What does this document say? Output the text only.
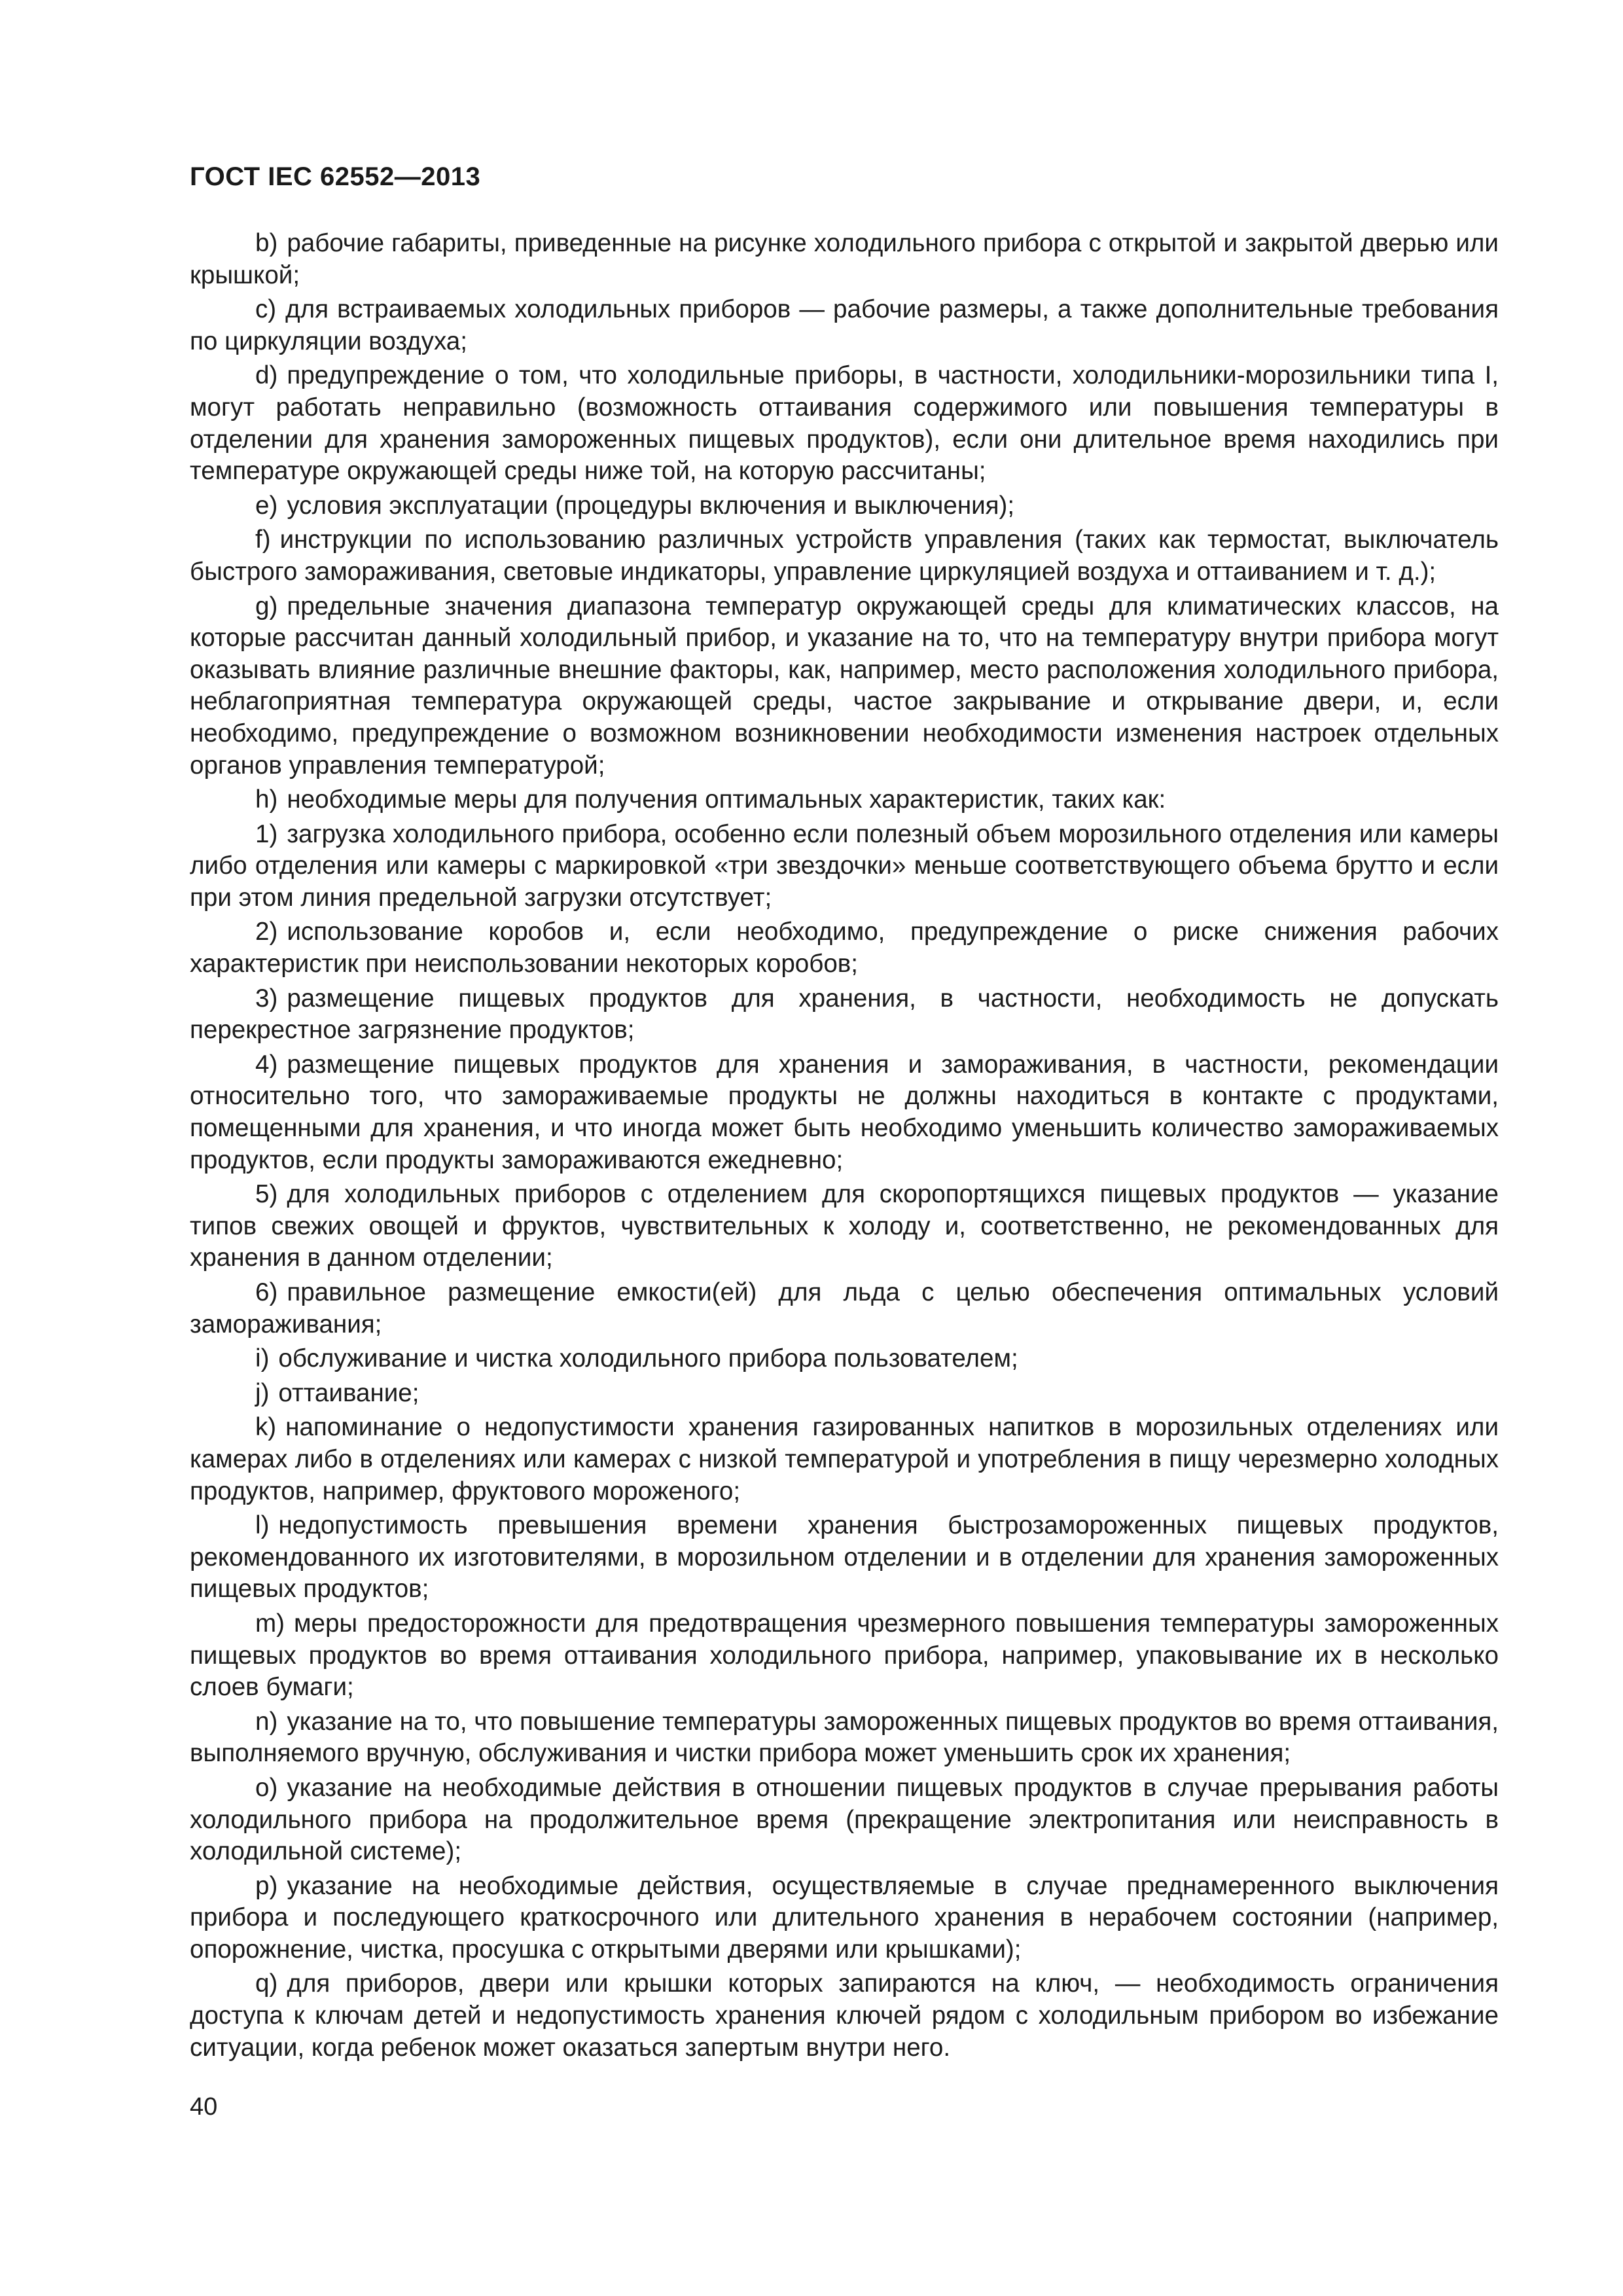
ГОСТ IEC 62552—2013

b) рабочие габариты, приведенные на рисунке холодильного прибора с открытой и закрытой дверью или крышкой;

c) для встраиваемых холодильных приборов — рабочие размеры, а также дополнительные требования по циркуляции воздуха;

d) предупреждение о том, что холодильные приборы, в частности, холодильники-морозильники типа I, могут работать неправильно (возможность оттаивания содержимого или повышения температуры в отделении для хранения замороженных пищевых продуктов), если они длительное время находились при температуре окружающей среды ниже той, на которую рассчитаны;

e) условия эксплуатации (процедуры включения и выключения);

f) инструкции по использованию различных устройств управления (таких как термостат, выключатель быстрого замораживания, световые индикаторы, управление циркуляцией воздуха и оттаиванием и т. д.);

g) предельные значения диапазона температур окружающей среды для климатических классов, на которые рассчитан данный холодильный прибор, и указание на то, что на температуру внутри прибора могут оказывать влияние различные внешние факторы, как, например, место расположения холодильного прибора, неблагоприятная температура окружающей среды, частое закрывание и открывание двери, и, если необходимо, предупреждение о возможном возникновении необходимости изменения настроек отдельных органов управления температурой;

h) необходимые меры для получения оптимальных характеристик, таких как:

1) загрузка холодильного прибора, особенно если полезный объем морозильного отделения или камеры либо отделения или камеры с маркировкой «три звездочки» меньше соответствующего объема брутто и если при этом линия предельной загрузки отсутствует;

2) использование коробов и, если необходимо, предупреждение о риске снижения рабочих характеристик при неиспользовании некоторых коробов;

3) размещение пищевых продуктов для хранения, в частности, необходимость не допускать перекрестное загрязнение продуктов;

4) размещение пищевых продуктов для хранения и замораживания, в частности, рекомендации относительно того, что замораживаемые продукты не должны находиться в контакте с продуктами, помещенными для хранения, и что иногда может быть необходимо уменьшить количество замораживаемых продуктов, если продукты замораживаются ежедневно;

5) для холодильных приборов с отделением для скоропортящихся пищевых продуктов — указание типов свежих овощей и фруктов, чувствительных к холоду и, соответственно, не рекомендованных для хранения в данном отделении;

6) правильное размещение емкости(ей) для льда с целью обеспечения оптимальных условий замораживания;

i) обслуживание и чистка холодильного прибора пользователем;

j) оттаивание;

k) напоминание о недопустимости хранения газированных напитков в морозильных отделениях или камерах либо в отделениях или камерах с низкой температурой и употребления в пищу черезмерно холодных продуктов, например, фруктового мороженого;

l) недопустимость превышения времени хранения быстрозамороженных пищевых продуктов, рекомендованного их изготовителями, в морозильном отделении и в отделении для хранения замороженных пищевых продуктов;

m) меры предосторожности для предотвращения чрезмерного повышения температуры замороженных пищевых продуктов во время оттаивания холодильного прибора, например, упаковывание их в несколько слоев бумаги;

n) указание на то, что повышение температуры замороженных пищевых продуктов во время оттаивания, выполняемого вручную, обслуживания и чистки прибора может уменьшить срок их хранения;

o) указание на необходимые действия в отношении пищевых продуктов в случае прерывания работы холодильного прибора на продолжительное время (прекращение электропитания или неисправность в холодильной системе);

p) указание на необходимые действия, осуществляемые в случае преднамеренного выключения прибора и последующего краткосрочного или длительного хранения в нерабочем состоянии (например, опорожнение, чистка, просушка с открытыми дверями или крышками);

q) для приборов, двери или крышки которых запираются на ключ, — необходимость ограничения доступа к ключам детей и недопустимость хранения ключей рядом с холодильным прибором во избежание ситуации, когда ребенок может оказаться запертым внутри него.

40
